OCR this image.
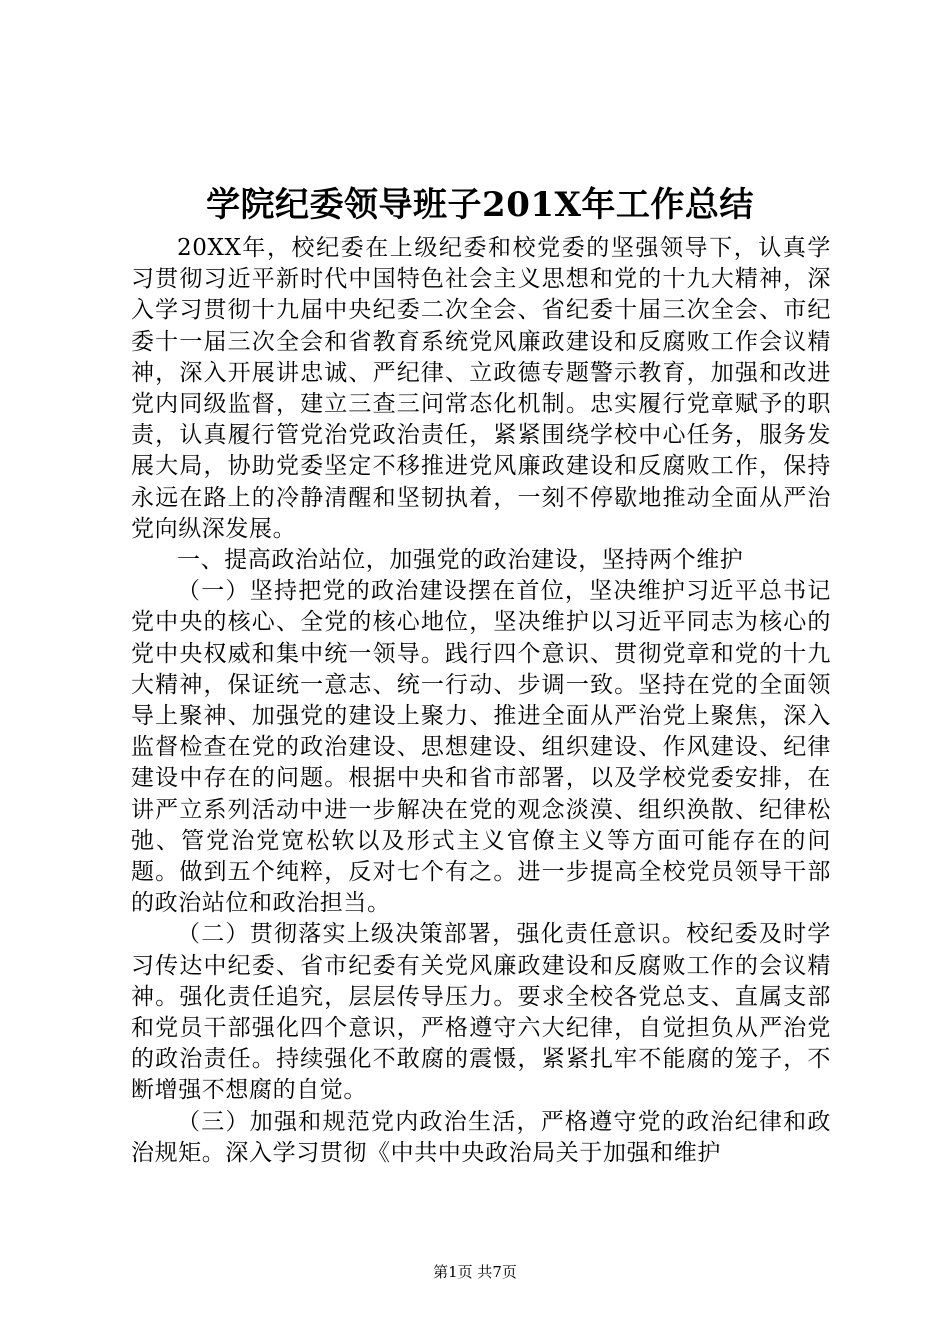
学院纪委领导班子201X年工作总结

20XX年，校纪委在上级纪委和校党委的坚强领导下，认真学习贯彻习近平新时代中国特色社会主义思想和党的十九大精神，深入学习贯彻十九届中央纪委二次全会、省纪委十届三次全会、市纪委十一届三次全会和省教育系统党风廉政建设和反腐败工作会议精神，深入开展讲忠诚、严纪律、立政德专题警示教育，加强和改进党内同级监督，建立三查三问常态化机制。忠实履行党章赋予的职责，认真履行管党治党政治责任，紧紧围绕学校中心任务，服务发展大局，协助党委坚定不移推进党风廉政建设和反腐败工作，保持永远在路上的冷静清醒和坚韧执着，一刻不停歇地推动全面从严治党向纵深发展。

一、提高政治站位，加强党的政治建设，坚持两个维护

（一）坚持把党的政治建设摆在首位，坚决维护习近平总书记党中央的核心、全党的核心地位，坚决维护以习近平同志为核心的党中央权威和集中统一领导。践行四个意识、贯彻党章和党的十九大精神，保证统一意志、统一行动、步调一致。坚持在党的全面领导上聚神、加强党的建设上聚力、推进全面从严治党上聚焦，深入监督检查在党的政治建设、思想建设、组织建设、作风建设、纪律建设中存在的问题。根据中央和省市部署，以及学校党委安排，在讲严立系列活动中进一步解决在党的观念淡漠、组织涣散、纪律松弛、管党治党宽松软以及形式主义官僚主义等方面可能存在的问题。做到五个纯粹，反对七个有之。进一步提高全校党员领导干部的政治站位和政治担当。

（二）贯彻落实上级决策部署，强化责任意识。校纪委及时学习传达中纪委、省市纪委有关党风廉政建设和反腐败工作的会议精神。强化责任追究，层层传导压力。要求全校各党总支、直属支部和党员干部强化四个意识，严格遵守六大纪律，自觉担负从严治党的政治责任。持续强化不敢腐的震慑，紧紧扎牢不能腐的笼子，不断增强不想腐的自觉。

（三）加强和规范党内政治生活，严格遵守党的政治纪律和政治规矩。深入学习贯彻《中共中央政治局关于加强和维护

第1页 共7页
